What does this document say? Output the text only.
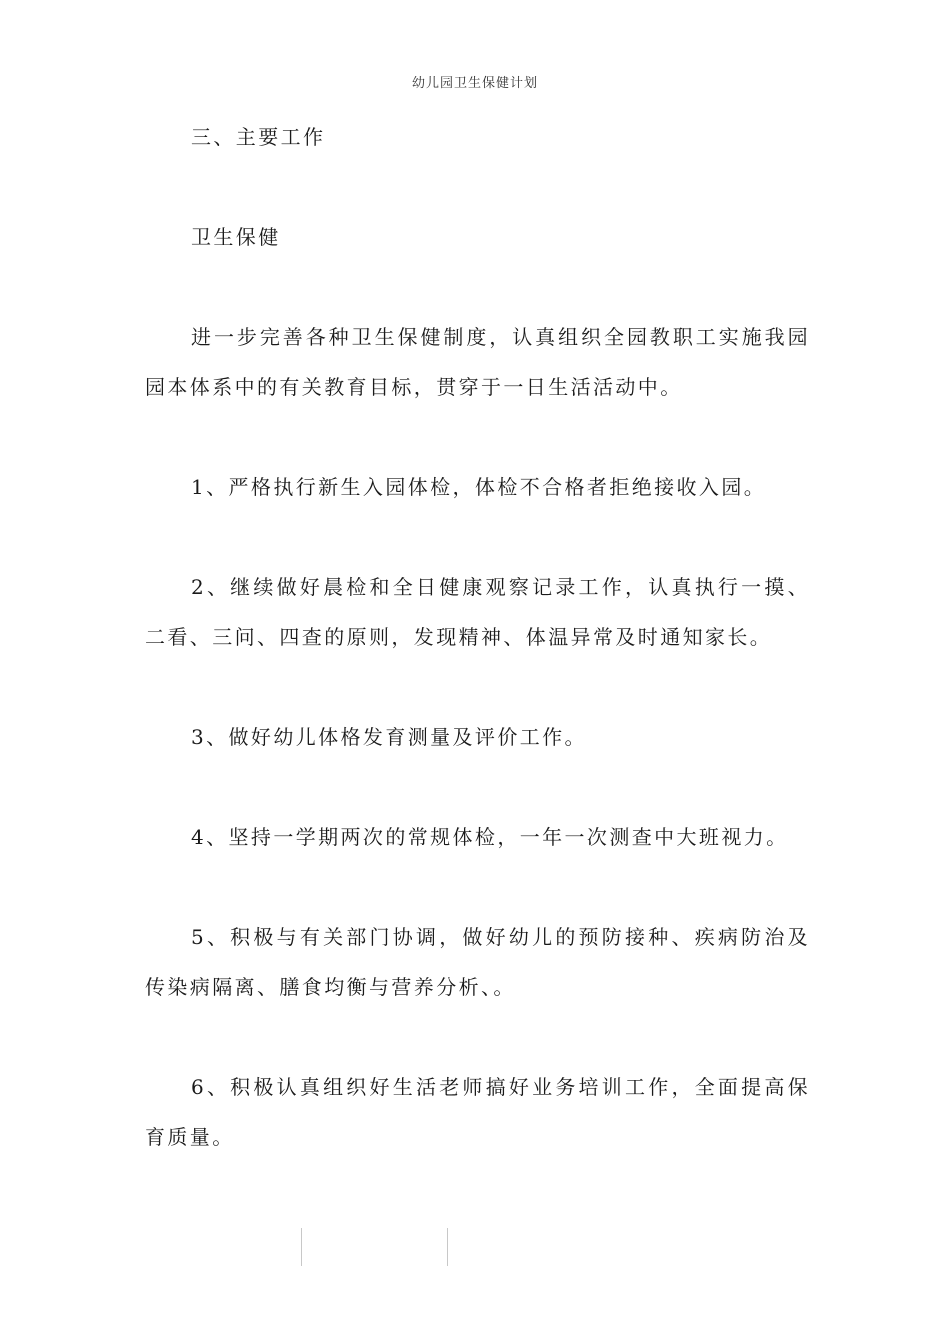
幼儿园卫生保健计划

三、主要工作

卫生保健

进一步完善各种卫生保健制度，认真组织全园教职工实施我园园本体系中的有关教育目标，贯穿于一日生活活动中。

1、严格执行新生入园体检，体检不合格者拒绝接收入园。

2、继续做好晨检和全日健康观察记录工作，认真执行一摸、二看、三问、四查的原则，发现精神、体温异常及时通知家长。

3、做好幼儿体格发育测量及评价工作。

4、坚持一学期两次的常规体检，一年一次测查中大班视力。

5、积极与有关部门协调，做好幼儿的预防接种、疾病防治及传染病隔离、膳食均衡与营养分析、。

6、积极认真组织好生活老师搞好业务培训工作，全面提高保育质量。
